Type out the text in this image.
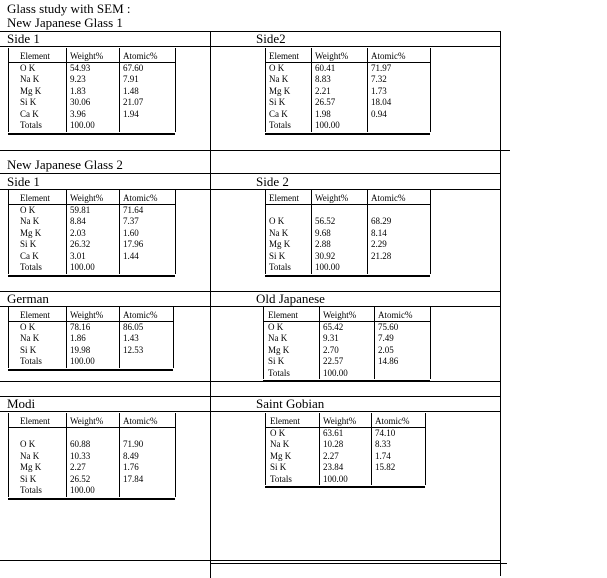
Glass study with SEM :
New Japanese Glass 1
New Japanese Glass 2
Side 1	Side2
Side 1	Side 2
German	Old Japanese
Modi	Saint Gobian
Element Weight% Atomic%
O K	54.93	67.60
Na K	9.23	7.91
Mg K	1.83	1.48
Si K	30.06	21.07
Ca K	3.96	1.94
Totals	100.00
Element Weight%	Atomic%
O K	60.41	71.97
Na K	8.83	7.32
Mg K	2.21	1.73
Si K	26.57	18.04
Ca K	1.98	0.94
Totals	100.00
Element Weight% Atomic%
O K	59.81	71.64
Na K	8.84	7.37
Mg K	2.03	1.60
Si K	26.32	17.96
Ca K	3.01	1.44
Totals	100.00
Element Weight%	Atomic%
O K	56.52	68.29
Na K	9.68	8.14
Mg K	2.88	2.29
Si K	30.92	21.28
Totals	100.00
Element Weight% Atomic%
O K	78.16	86.05
Na K	1.86	1.43
Si K	19.98	12.53
Totals	100.00
Element	Weight% Atomic%
O K	65.42	75.60
Na K	9.31	7.49
Mg K	2.70	2.05
Si K	22.57	14.86
Totals	100.00
Element Weight% Atomic%
O K	60.88	71.90
Na K	10.33	8.49
Mg K	2.27	1.76
Si K	26.52	17.84
Totals	100.00
Element	Weight% Atomic%
O K	63.61	74.10
Na K	10.28	8.33
Mg K	2.27	1.74
Si K	23.84	15.82
Totals	100.00
